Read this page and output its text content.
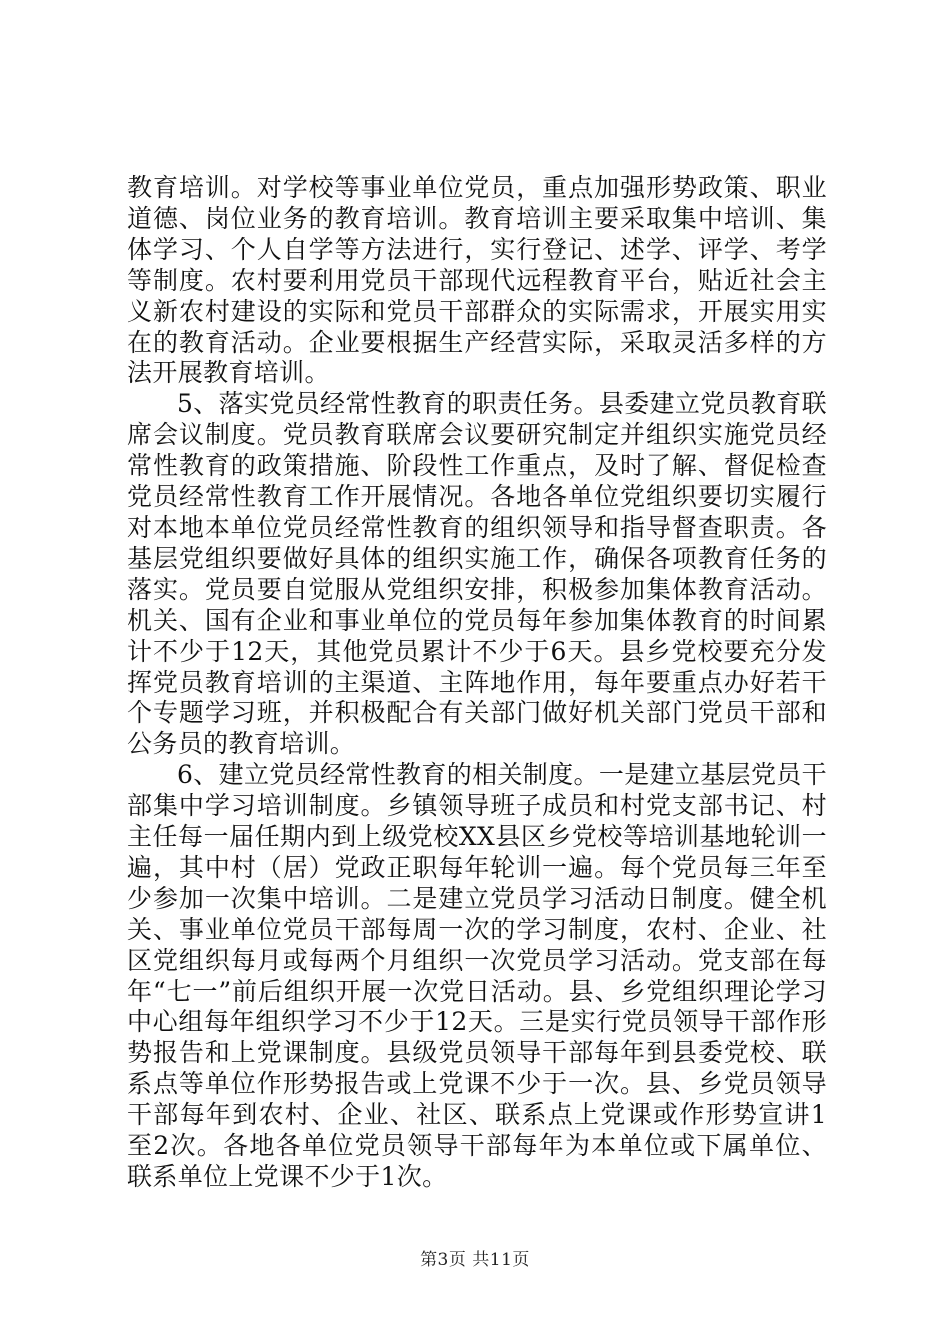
教育培训。对学校等事业单位党员，重点加强形势政策、职业道德、岗位业务的教育培训。教育培训主要采取集中培训、集体学习、个人自学等方法进行，实行登记、述学、评学、考学等制度。农村要利用党员干部现代远程教育平台，贴近社会主义新农村建设的实际和党员干部群众的实际需求，开展实用实在的教育活动。企业要根据生产经营实际，采取灵活多样的方法开展教育培训。

5、落实党员经常性教育的职责任务。县委建立党员教育联席会议制度。党员教育联席会议要研究制定并组织实施党员经常性教育的政策措施、阶段性工作重点，及时了解、督促检查党员经常性教育工作开展情况。各地各单位党组织要切实履行对本地本单位党员经常性教育的组织领导和指导督查职责。各基层党组织要做好具体的组织实施工作，确保各项教育任务的落实。党员要自觉服从党组织安排，积极参加集体教育活动。机关、国有企业和事业单位的党员每年参加集体教育的时间累计不少于12天，其他党员累计不少于6天。县乡党校要充分发挥党员教育培训的主渠道、主阵地作用，每年要重点办好若干个专题学习班，并积极配合有关部门做好机关部门党员干部和公务员的教育培训。

6、建立党员经常性教育的相关制度。一是建立基层党员干部集中学习培训制度。乡镇领导班子成员和村党支部书记、村主任每一届任期内到上级党校XX县区乡党校等培训基地轮训一遍，其中村（居）党政正职每年轮训一遍。每个党员每三年至少参加一次集中培训。二是建立党员学习活动日制度。健全机关、事业单位党员干部每周一次的学习制度，农村、企业、社区党组织每月或每两个月组织一次党员学习活动。党支部在每年“七一”前后组织开展一次党日活动。县、乡党组织理论学习中心组每年组织学习不少于12天。三是实行党员领导干部作形势报告和上党课制度。县级党员领导干部每年到县委党校、联系点等单位作形势报告或上党课不少于一次。县、乡党员领导干部每年到农村、企业、社区、联系点上党课或作形势宣讲1至2次。各地各单位党员领导干部每年为本单位或下属单位、联系单位上党课不少于1次。

第3页 共11页
